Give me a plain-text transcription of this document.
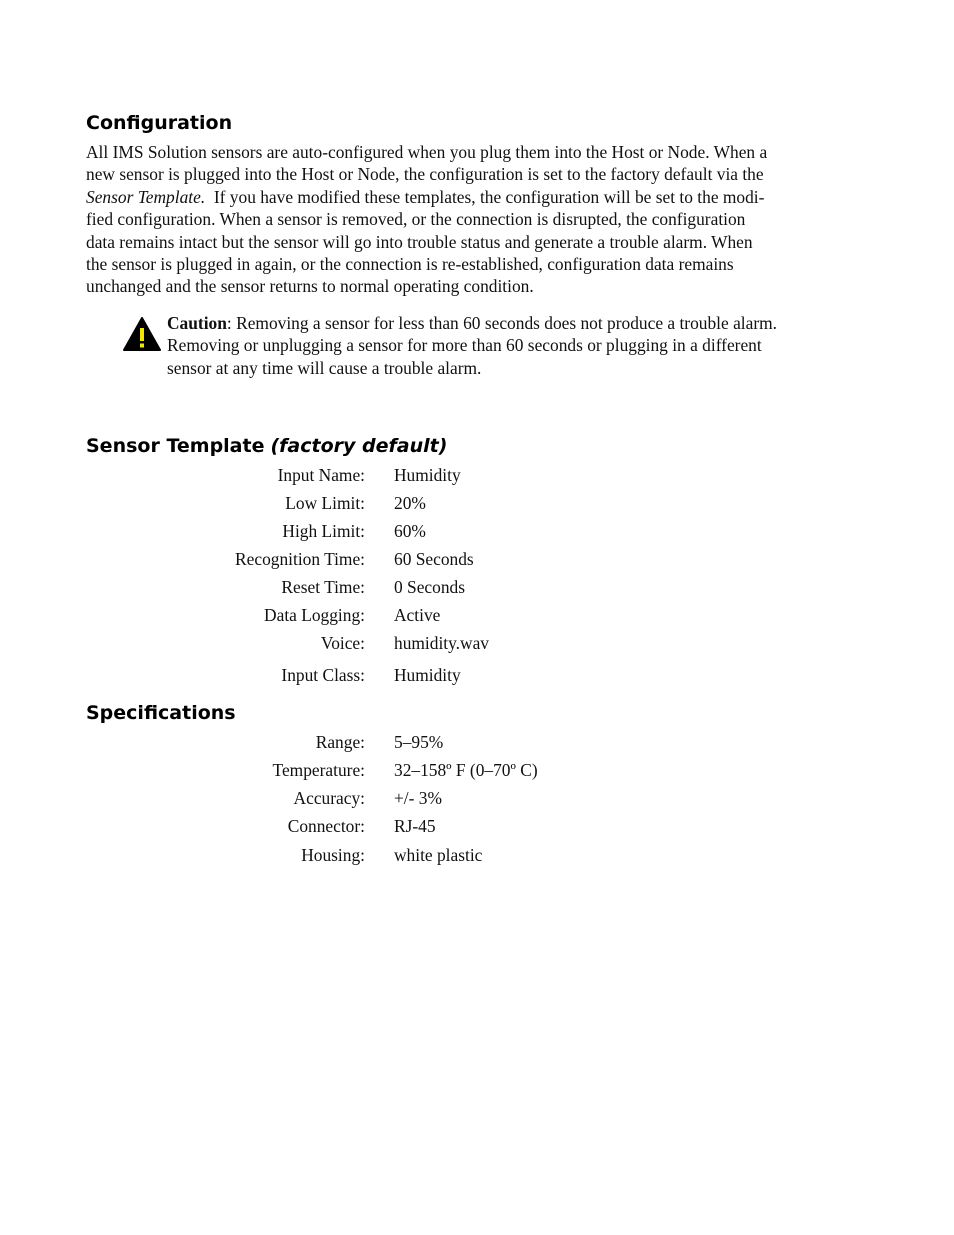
Configuration
All IMS Solution sensors are auto-configured when you plug them into the Host or Node. When a
new sensor is plugged into the Host or Node, the configuration is set to the factory default via the
Sensor Template.  If you have modified these templates, the configuration will be set to the modi-
fied configuration. When a sensor is removed, or the connection is disrupted, the configuration
data remains intact but the sensor will go into trouble status and generate a trouble alarm. When
the sensor is plugged in again, or the connection is re-established, configuration data remains
unchanged and the sensor returns to normal operating condition.
Caution: Removing a sensor for less than 60 seconds does not produce a trouble alarm.
Removing or unplugging a sensor for more than 60 seconds or plugging in a different
sensor at any time will cause a trouble alarm.
Sensor Template (factory default)
Input Name: Humidity
Low Limit: 20%
High Limit: 60%
Recognition Time: 60 Seconds
Reset Time: 0 Seconds
Data Logging: Active
Voice: humidity.wav
Input Class: Humidity
Specifications
Range: 5–95%
Temperature: 32–158º F (0–70º C)
Accuracy: +/- 3%
Connector: RJ-45
Housing: white plastic
